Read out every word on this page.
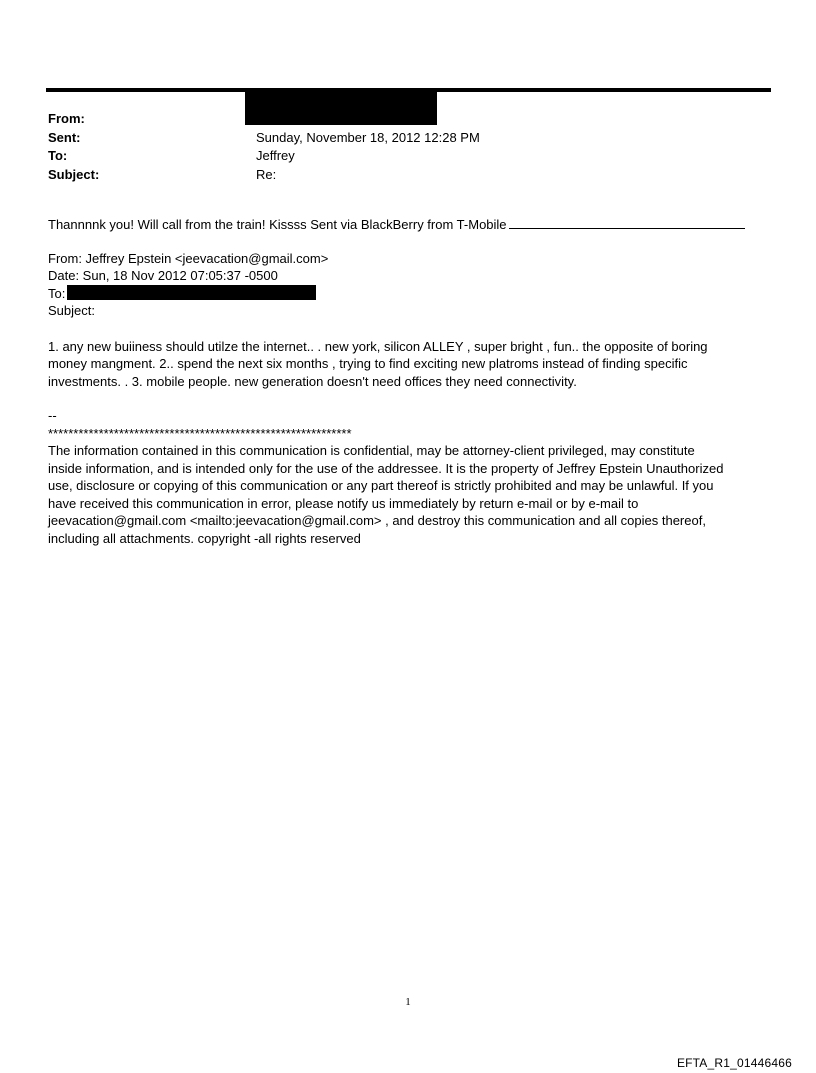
From:
Sent:	Sunday, November 18, 2012 12:28 PM
To:	Jeffrey
Subject:	Re:
Thannnnk you! Will call from the train! Kissss Sent via BlackBerry from T-Mobile
From: Jeffrey Epstein <jeevacation@gmail.com>
Date: Sun, 18 Nov 2012 07:05:37 -0500
To:
Subject:
1. any new buiiness should utilze the internet.. . new york, silicon ALLEY , super bright , fun.. the opposite of boring
money mangment. 2.. spend the next six months , trying to find exciting new platroms instead of finding specific
investments. . 3. mobile people. new generation doesn't need offices they need connectivity.
--
************************************************************
The information contained in this communication is confidential, may be attorney-client privileged, may constitute
inside information, and is intended only for the use of the addressee. It is the property of Jeffrey Epstein Unauthorized
use, disclosure or copying of this communication or any part thereof is strictly prohibited and may be unlawful. If you
have received this communication in error, please notify us immediately by return e-mail or by e-mail to
jeevacation@gmail.com <mailto:jeevacation@gmail.com> , and destroy this communication and all copies thereof,
including all attachments. copyright -all rights reserved
1
EFTA_R1_01446466
